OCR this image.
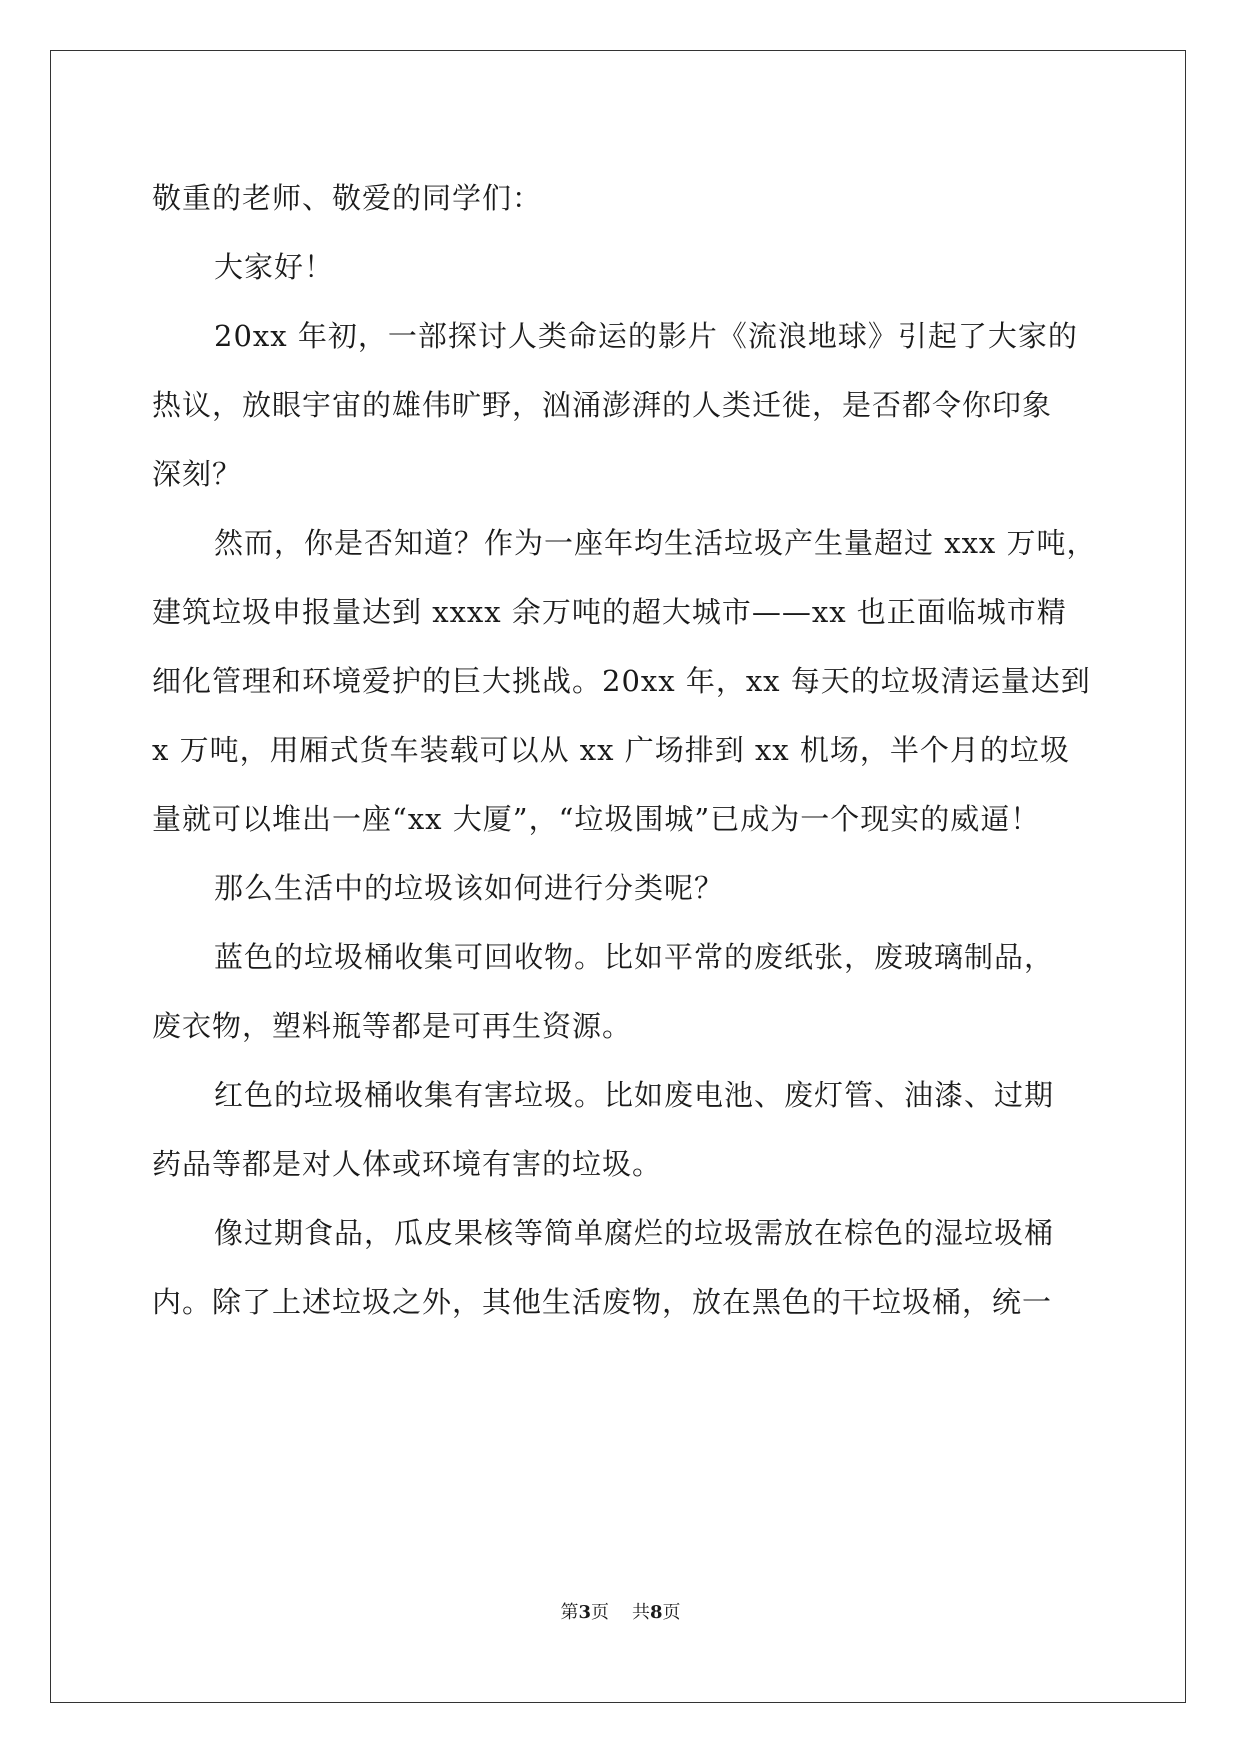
敬重的老师、敬爱的同学们：

大家好！

20xx 年初，一部探讨人类命运的影片《流浪地球》引起了大家的

热议，放眼宇宙的雄伟旷野，汹涌澎湃的人类迁徙，是否都令你印象

深刻？

然而，你是否知道？作为一座年均生活垃圾产生量超过 xxx 万吨，

建筑垃圾申报量达到 xxxx 余万吨的超大城市——xx 也正面临城市精

细化管理和环境爱护的巨大挑战。20xx 年，xx 每天的垃圾清运量达到

x 万吨，用厢式货车装载可以从 xx 广场排到 xx 机场，半个月的垃圾

量就可以堆出一座“xx 大厦”，“垃圾围城”已成为一个现实的威逼！

那么生活中的垃圾该如何进行分类呢？

蓝色的垃圾桶收集可回收物。比如平常的废纸张，废玻璃制品，

废衣物，塑料瓶等都是可再生资源。

红色的垃圾桶收集有害垃圾。比如废电池、废灯管、油漆、过期

药品等都是对人体或环境有害的垃圾。

像过期食品，瓜皮果核等简单腐烂的垃圾需放在棕色的湿垃圾桶

内。除了上述垃圾之外，其他生活废物，放在黑色的干垃圾桶，统一

第3页 共8页
